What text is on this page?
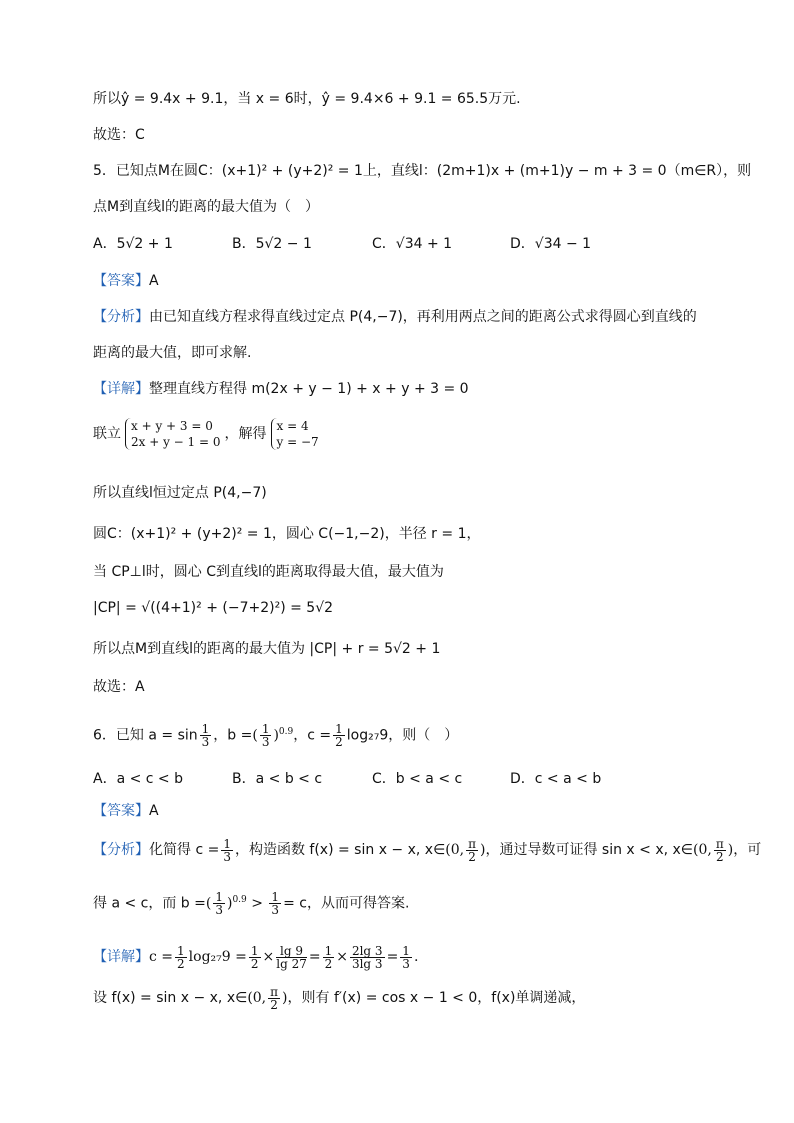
所以ŷ = 9.4x + 9.1，当 x = 6时，ŷ = 9.4×6 + 9.1 = 65.5万元.
故选：C
5．已知点M在圆C：(x+1)² + (y+2)² = 1上，直线l：(2m+1)x + (m+1)y − m + 3 = 0（m∈R），则
点M到直线l的距离的最大值为（　）
A．5√2 + 1	B．5√2 − 1	C．√34 + 1	D．√34 − 1
【答案】A
【分析】由已知直线方程求得直线过定点 P(4,−7)，再利用两点之间的距离公式求得圆心到直线的
距离的最大值，即可求解.
【详解】整理直线方程得 m(2x + y − 1) + x + y + 3 = 0
联立 x + y + 3 = 0
2x + y − 1 = 0 ，解得 x = 4
y = −7
所以直线l恒过定点 P(4,−7)
圆C：(x+1)² + (y+2)² = 1，圆心 C(−1,−2)，半径 r = 1，
当 CP⊥l时，圆心 C到直线l的距离取得最大值，最大值为
|CP| = √((4+1)² + (−7+2)²) = 5√2
所以点M到直线l的距离的最大值为 |CP| + r = 5√2 + 1
故选：A
6．已知 $a = \sin \frac{1}{3}$ ，b =( $\frac{1}{3} )^{0.9}$，$c = \frac{1}{2} \log_{27}9$，则（　）
A．a < c < b	B．a < b < c	C．b < a < c	D．c < a < b
【答案】A
【分析】化简得 $c = \frac{1}{3}$ ，构造函数 f(x) = sin x − x, x∈(0, $\frac{\pi}{2}$ )，通过导数可证得 sin x < x, x∈(0, $\frac{\pi}{2}$ )，可
得 a < c，而 b =( $\frac{1}{3} )^{0.9} > \frac{1}{3} = c$，从而可得答案.
【详解】$c = \frac{1}{2} \log_{27}9 = \frac{1}{2} \times \frac{\lg 9}{\lg 27} = \frac{1}{2} \times \frac{2\lg 3}{3\lg 3} = \frac{1}{3}$ .
设 f(x) = sin x − x, x∈(0, $\frac{\pi}{2}$ )，则有 f′(x) = cos x − 1 < 0，f(x)单调递减，
